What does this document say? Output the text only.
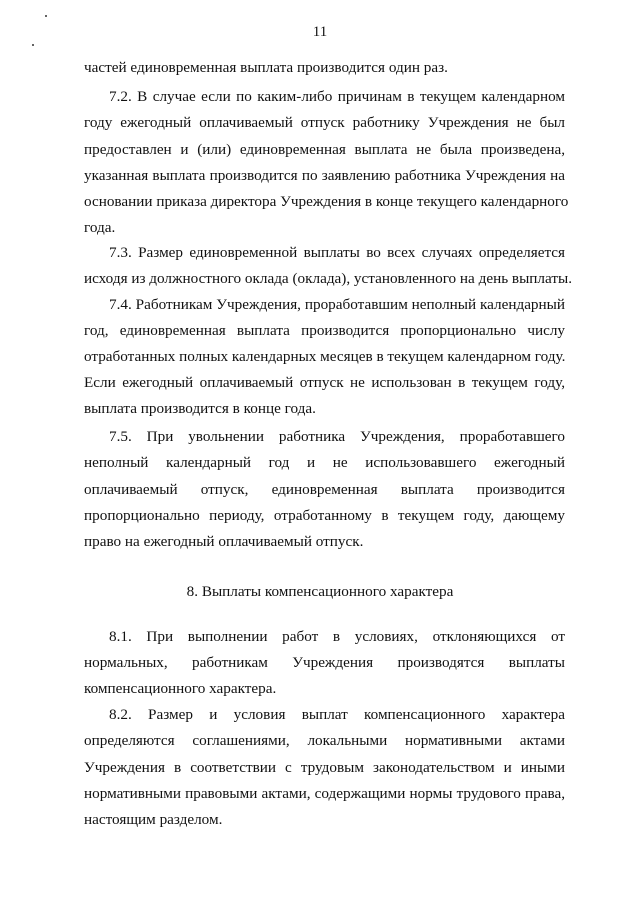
11
частей единовременная выплата производится один раз.
7.2. В случае если по каким-либо причинам в текущем календарном
году ежегодный оплачиваемый отпуск работнику Учреждения не был
предоставлен и (или) единовременная выплата не была произведена,
указанная выплата производится по заявлению работника Учреждения на
основании приказа директора Учреждения в конце текущего календарного
года.
7.3. Размер единовременной выплаты во всех случаях определяется
исходя из должностного оклада (оклада), установленного на день выплаты.
7.4. Работникам Учреждения, проработавшим неполный календарный
год, единовременная выплата производится пропорционально числу
отработанных полных календарных месяцев в текущем календарном году.
Если ежегодный оплачиваемый отпуск не использован в текущем году,
выплата производится в конце года.
7.5. При увольнении работника Учреждения, проработавшего
неполный календарный год и не использовавшего ежегодный
оплачиваемый отпуск, единовременная выплата производится
пропорционально периоду, отработанному в текущем году, дающему
право на ежегодный оплачиваемый отпуск.
8. Выплаты компенсационного характера
8.1. При выполнении работ в условиях, отклоняющихся от
нормальных, работникам Учреждения производятся выплаты
компенсационного характера.
8.2. Размер и условия выплат компенсационного характера
определяются соглашениями, локальными нормативными актами
Учреждения в соответствии с трудовым законодательством и иными
нормативными правовыми актами, содержащими нормы трудового права,
настоящим разделом.
